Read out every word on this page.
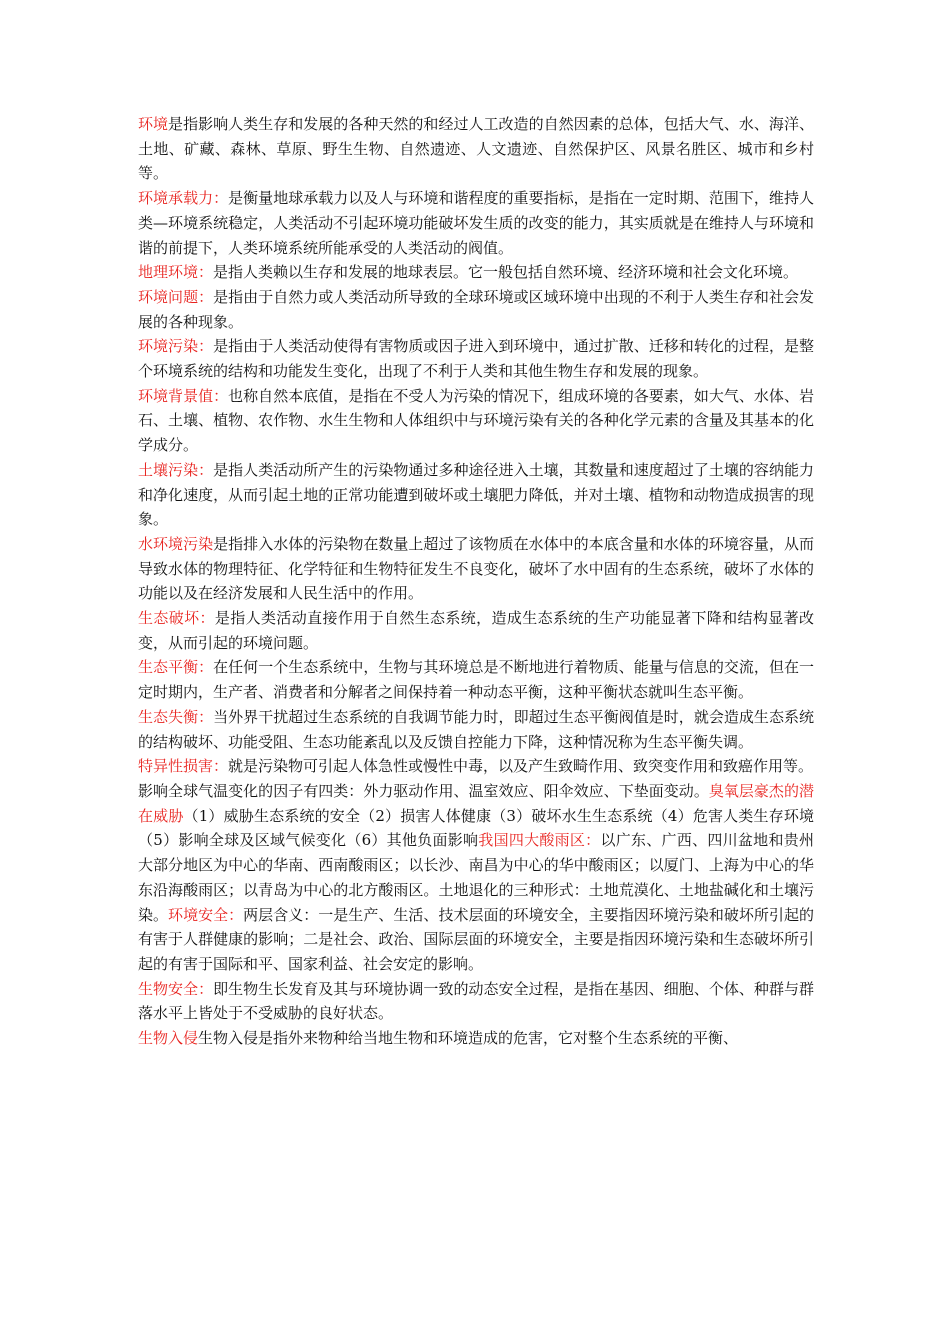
环境是指影响人类生存和发展的各种天然的和经过人工改造的自然因素的总体，包括大气、水、海洋、土地、矿藏、森林、草原、野生生物、自然遗迹、人文遗迹、自然保护区、风景名胜区、城市和乡村等。

环境承载力：是衡量地球承载力以及人与环境和谐程度的重要指标，是指在一定时期、范围下，维持人类—环境系统稳定，人类活动不引起环境功能破坏发生质的改变的能力，其实质就是在维持人与环境和谐的前提下，人类环境系统所能承受的人类活动的阀值。

地理环境：是指人类赖以生存和发展的地球表层。它一般包括自然环境、经济环境和社会文化环境。

环境问题：是指由于自然力或人类活动所导致的全球环境或区域环境中出现的不利于人类生存和社会发展的各种现象。

环境污染：是指由于人类活动使得有害物质或因子进入到环境中，通过扩散、迁移和转化的过程，是整个环境系统的结构和功能发生变化，出现了不利于人类和其他生物生存和发展的现象。

环境背景值：也称自然本底值，是指在不受人为污染的情况下，组成环境的各要素，如大气、水体、岩石、土壤、植物、农作物、水生生物和人体组织中与环境污染有关的各种化学元素的含量及其基本的化学成分。

土壤污染：是指人类活动所产生的污染物通过多种途径进入土壤，其数量和速度超过了土壤的容纳能力和净化速度，从而引起土地的正常功能遭到破坏或土壤肥力降低，并对土壤、植物和动物造成损害的现象。

水环境污染是指排入水体的污染物在数量上超过了该物质在水体中的本底含量和水体的环境容量，从而导致水体的物理特征、化学特征和生物特征发生不良变化，破坏了水中固有的生态系统，破坏了水体的功能以及在经济发展和人民生活中的作用。

生态破坏：是指人类活动直接作用于自然生态系统，造成生态系统的生产功能显著下降和结构显著改变，从而引起的环境问题。

生态平衡：在任何一个生态系统中，生物与其环境总是不断地进行着物质、能量与信息的交流，但在一定时期内，生产者、消费者和分解者之间保持着一种动态平衡，这种平衡状态就叫生态平衡。

生态失衡：当外界干扰超过生态系统的自我调节能力时，即超过生态平衡阀值是时，就会造成生态系统的结构破坏、功能受阻、生态功能紊乱以及反馈自控能力下降，这种情况称为生态平衡失调。

特异性损害：就是污染物可引起人体急性或慢性中毒，以及产生致畸作用、致突变作用和致癌作用等。

影响全球气温变化的因子有四类：外力驱动作用、温室效应、阳伞效应、下垫面变动。臭氧层豪杰的潜在威胁（1）威胁生态系统的安全（2）损害人体健康（3）破坏水生生态系统（4）危害人类生存环境（5）影响全球及区域气候变化（6）其他负面影响我国四大酸雨区：以广东、广西、四川盆地和贵州大部分地区为中心的华南、西南酸雨区；以长沙、南昌为中心的华中酸雨区；以厦门、上海为中心的华东沿海酸雨区；以青岛为中心的北方酸雨区。土地退化的三种形式：土地荒漠化、土地盐碱化和土壤污染。环境安全：两层含义：一是生产、生活、技术层面的环境安全，主要指因环境污染和破坏所引起的有害于人群健康的影响；二是社会、政治、国际层面的环境安全，主要是指因环境污染和生态破坏所引起的有害于国际和平、国家利益、社会安定的影响。

生物安全：即生物生长发育及其与环境协调一致的动态安全过程，是指在基因、细胞、个体、种群与群落水平上皆处于不受威胁的良好状态。

生物入侵生物入侵是指外来物种给当地生物和环境造成的危害，它对整个生态系统的平衡、
